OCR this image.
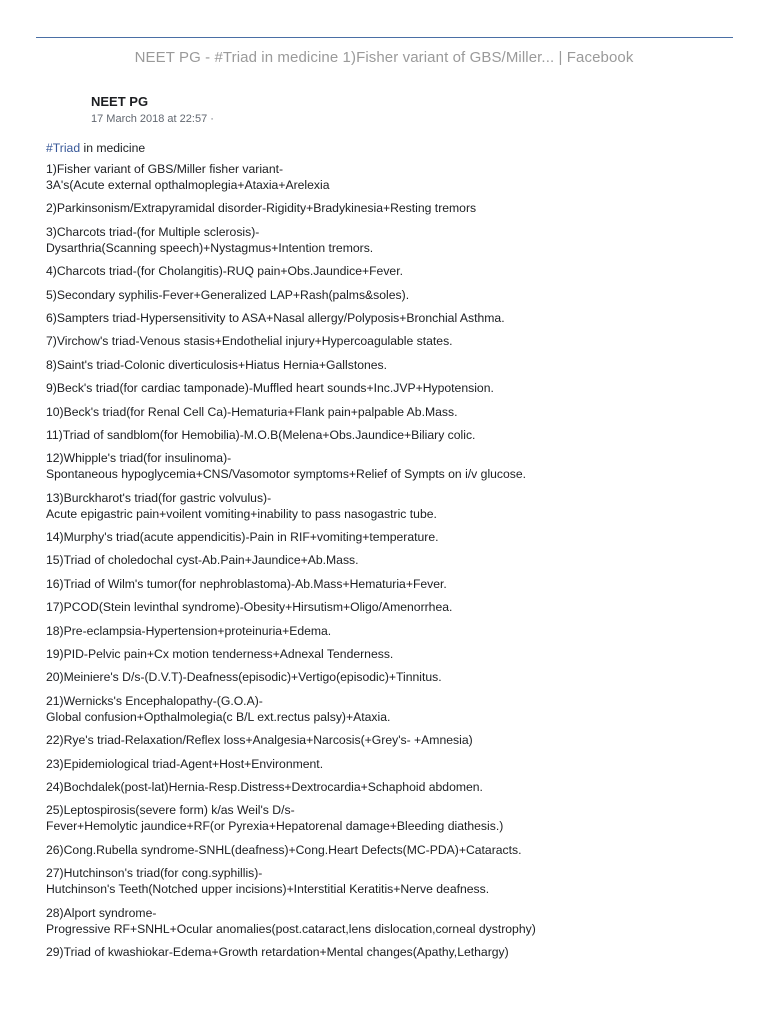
NEET PG - #Triad in medicine 1)Fisher variant of GBS/Miller... | Facebook
NEET PG
17 March 2018 at 22:57 ·
#Triad in medicine
1)Fisher variant of GBS/Miller fisher variant-
3A's(Acute external opthalmoplegia+Ataxia+Arelexia
2)Parkinsonism/Extrapyramidal disorder-Rigidity+Bradykinesia+Resting tremors
3)Charcots triad-(for Multiple sclerosis)-
Dysarthria(Scanning speech)+Nystagmus+Intention tremors.
4)Charcots triad-(for Cholangitis)-RUQ pain+Obs.Jaundice+Fever.
5)Secondary syphilis-Fever+Generalized LAP+Rash(palms&soles).
6)Sampters triad-Hypersensitivity to ASA+Nasal allergy/Polyposis+Bronchial Asthma.
7)Virchow's triad-Venous stasis+Endothelial injury+Hypercoagulable states.
8)Saint's triad-Colonic diverticulosis+Hiatus Hernia+Gallstones.
9)Beck's triad(for cardiac tamponade)-Muffled heart sounds+Inc.JVP+Hypotension.
10)Beck's triad(for Renal Cell Ca)-Hematuria+Flank pain+palpable Ab.Mass.
11)Triad of sandblom(for Hemobilia)-M.O.B(Melena+Obs.Jaundice+Biliary colic.
12)Whipple's triad(for insulinoma)-
Spontaneous hypoglycemia+CNS/Vasomotor symptoms+Relief of Sympts on i/v glucose.
13)Burckharot's triad(for gastric volvulus)-
Acute epigastric pain+voilent vomiting+inability to pass nasogastric tube.
14)Murphy's triad(acute appendicitis)-Pain in RIF+vomiting+temperature.
15)Triad of choledochal cyst-Ab.Pain+Jaundice+Ab.Mass.
16)Triad of Wilm's tumor(for nephroblastoma)-Ab.Mass+Hematuria+Fever.
17)PCOD(Stein levinthal syndrome)-Obesity+Hirsutism+Oligo/Amenorrhea.
18)Pre-eclampsia-Hypertension+proteinuria+Edema.
19)PID-Pelvic pain+Cx motion tenderness+Adnexal Tenderness.
20)Meiniere's D/s-(D.V.T)-Deafness(episodic)+Vertigo(episodic)+Tinnitus.
21)Wernicks's Encephalopathy-(G.O.A)-
Global confusion+Opthalmolegia(c B/L ext.rectus palsy)+Ataxia.
22)Rye's triad-Relaxation/Reflex loss+Analgesia+Narcosis(+Grey's- +Amnesia)
23)Epidemiological triad-Agent+Host+Environment.
24)Bochdalek(post-lat)Hernia-Resp.Distress+Dextrocardia+Schaphoid abdomen.
25)Leptospirosis(severe form) k/as Weil's D/s-
Fever+Hemolytic jaundice+RF(or Pyrexia+Hepatorenal damage+Bleeding diathesis.)
26)Cong.Rubella syndrome-SNHL(deafness)+Cong.Heart Defects(MC-PDA)+Cataracts.
27)Hutchinson's triad(for cong.syphillis)-
Hutchinson's Teeth(Notched upper incisions)+Interstitial Keratitis+Nerve deafness.
28)Alport syndrome-
Progressive RF+SNHL+Ocular anomalies(post.cataract,lens dislocation,corneal dystrophy)
29)Triad of kwashiokar-Edema+Growth retardation+Mental changes(Apathy,Lethargy)
